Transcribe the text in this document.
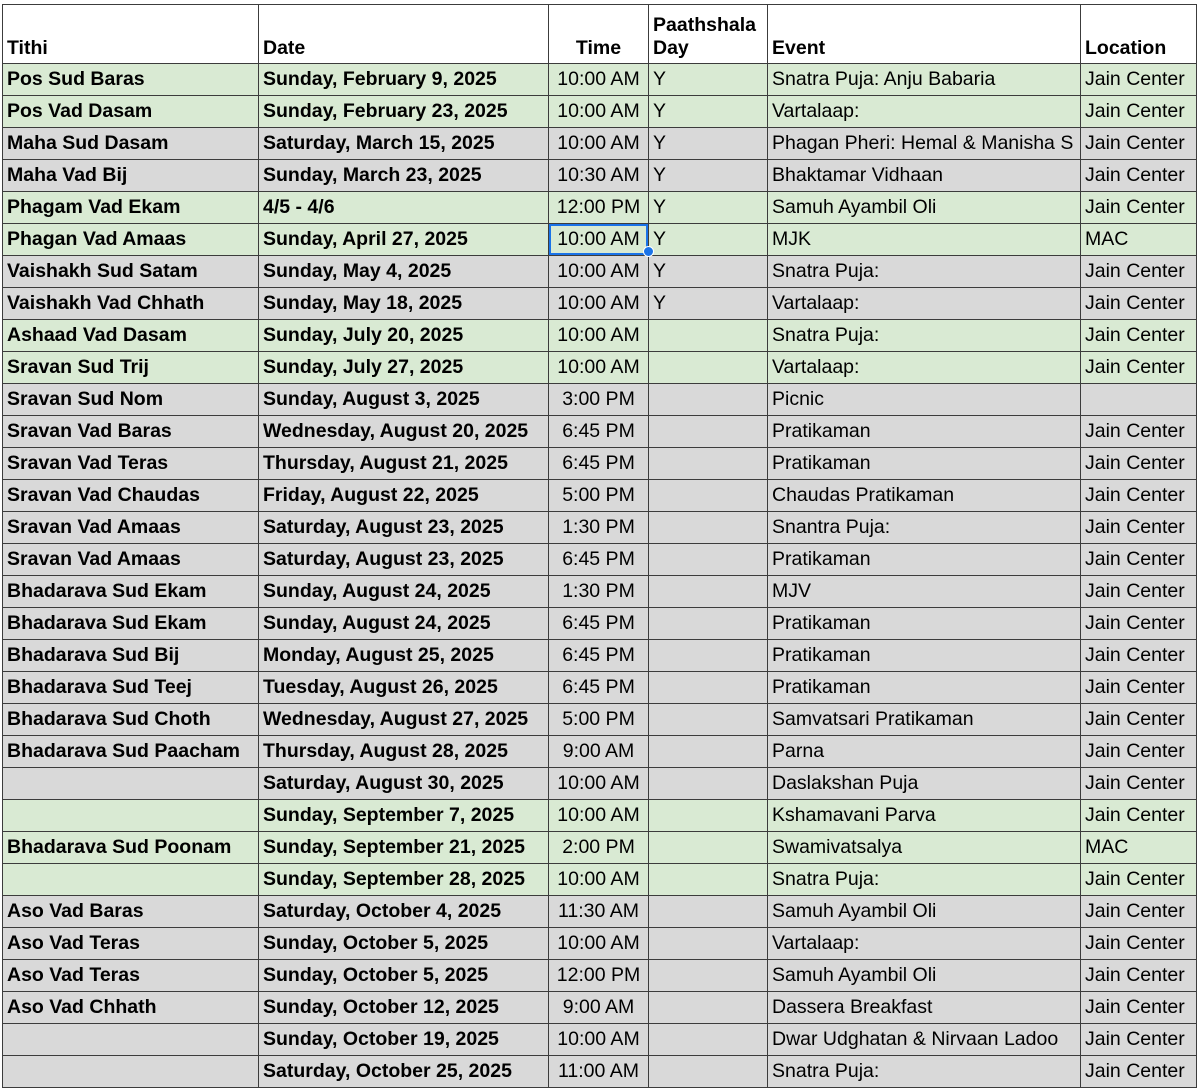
Tithi	Date	Time	Paathshala Day	Event	Location
Pos Sud Baras	Sunday, February 9, 2025	10:00 AM	Y	Snatra Puja: Anju Babaria	Jain Center
Pos Vad Dasam	Sunday, February 23, 2025	10:00 AM	Y	Vartalaap:	Jain Center
Maha Sud Dasam	Saturday, March 15, 2025	10:00 AM	Y	Phagan Pheri: Hemal & Manisha S	Jain Center
Maha Vad Bij	Sunday, March 23, 2025	10:30 AM	Y	Bhaktamar Vidhaan	Jain Center
Phagam Vad Ekam	4/5 - 4/6	12:00 PM	Y	Samuh Ayambil Oli	Jain Center
Phagan Vad Amaas	Sunday, April 27, 2025	10:00 AM	Y	MJK	MAC
Vaishakh Sud Satam	Sunday, May 4, 2025	10:00 AM	Y	Snatra Puja:	Jain Center
Vaishakh Vad Chhath	Sunday, May 18, 2025	10:00 AM	Y	Vartalaap:	Jain Center
Ashaad Vad Dasam	Sunday, July 20, 2025	10:00 AM		Snatra Puja:	Jain Center
Sravan Sud Trij	Sunday, July 27, 2025	10:00 AM		Vartalaap:	Jain Center
Sravan Sud Nom	Sunday, August 3, 2025	3:00 PM		Picnic	
Sravan Vad Baras	Wednesday, August 20, 2025	6:45 PM		Pratikaman	Jain Center
Sravan Vad Teras	Thursday, August 21, 2025	6:45 PM		Pratikaman	Jain Center
Sravan Vad Chaudas	Friday, August 22, 2025	5:00 PM		Chaudas Pratikaman	Jain Center
Sravan Vad Amaas	Saturday, August 23, 2025	1:30 PM		Snantra Puja:	Jain Center
Sravan Vad Amaas	Saturday, August 23, 2025	6:45 PM		Pratikaman	Jain Center
Bhadarava Sud Ekam	Sunday, August 24, 2025	1:30 PM		MJV	Jain Center
Bhadarava Sud Ekam	Sunday, August 24, 2025	6:45 PM		Pratikaman	Jain Center
Bhadarava Sud Bij	Monday, August 25, 2025	6:45 PM		Pratikaman	Jain Center
Bhadarava Sud Teej	Tuesday, August 26, 2025	6:45 PM		Pratikaman	Jain Center
Bhadarava Sud Choth	Wednesday, August 27, 2025	5:00 PM		Samvatsari Pratikaman	Jain Center
Bhadarava Sud Paacham	Thursday, August 28, 2025	9:00 AM		Parna	Jain Center
	Saturday, August 30, 2025	10:00 AM		Daslakshan Puja	Jain Center
	Sunday, September 7, 2025	10:00 AM		Kshamavani Parva	Jain Center
Bhadarava Sud Poonam	Sunday, September 21, 2025	2:00 PM		Swamivatsalya	MAC
	Sunday, September 28, 2025	10:00 AM		Snatra Puja:	Jain Center
Aso Vad Baras	Saturday, October 4, 2025	11:30 AM		Samuh Ayambil Oli	Jain Center
Aso Vad Teras	Sunday, October 5, 2025	10:00 AM		Vartalaap:	Jain Center
Aso Vad Teras	Sunday, October 5, 2025	12:00 PM		Samuh Ayambil Oli	Jain Center
Aso Vad Chhath	Sunday, October 12, 2025	9:00 AM		Dassera Breakfast	Jain Center
	Sunday, October 19, 2025	10:00 AM		Dwar Udghatan & Nirvaan Ladoo	Jain Center
	Saturday, October 25, 2025	11:00 AM		Snatra Puja:	Jain Center
